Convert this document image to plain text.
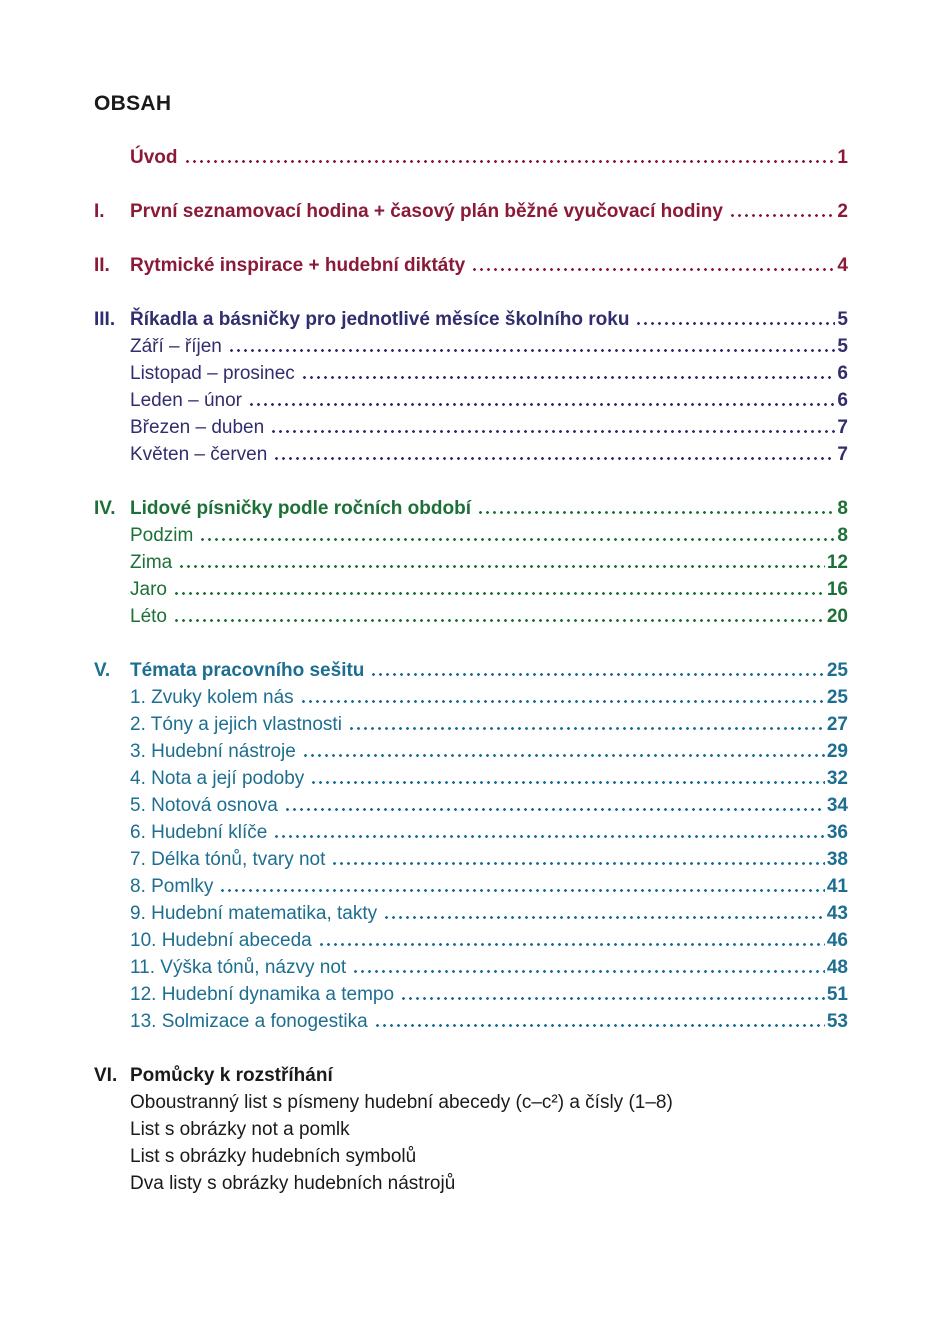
OBSAH
Úvod	1
I.	První seznamovací hodina + časový plán běžné vyučovací hodiny	2
II.	Rytmické inspirace + hudební diktáty	4
III. Říkadla a básničky pro jednotlivé měsíce školního roku	5
Září – říjen	5
Listopad – prosinec	6
Leden – únor	6
Březen – duben	7
Květen – červen	7
IV. Lidové písničky podle ročních období	8
Podzim	8
Zima	12
Jaro	16
Léto	20
V.	Témata pracovního sešitu	25
1. Zvuky kolem nás	25
2. Tóny a jejich vlastnosti	27
3. Hudební nástroje	29
4. Nota a její podoby	32
5. Notová osnova	34
6. Hudební klíče	36
7. Délka tónů, tvary not	38
8. Pomlky	41
9. Hudební matematika, takty	43
10. Hudební abeceda	46
11. Výška tónů, názvy not	48
12. Hudební dynamika a tempo	51
13. Solmizace a fonogestika	53
VI. Pomůcky k rozstříhání
Oboustranný list s písmeny hudební abecedy (c–c²) a čísly (1–8)
List s obrázky not a pomlk
List s obrázky hudebních symbolů
Dva listy s obrázky hudebních nástrojů
